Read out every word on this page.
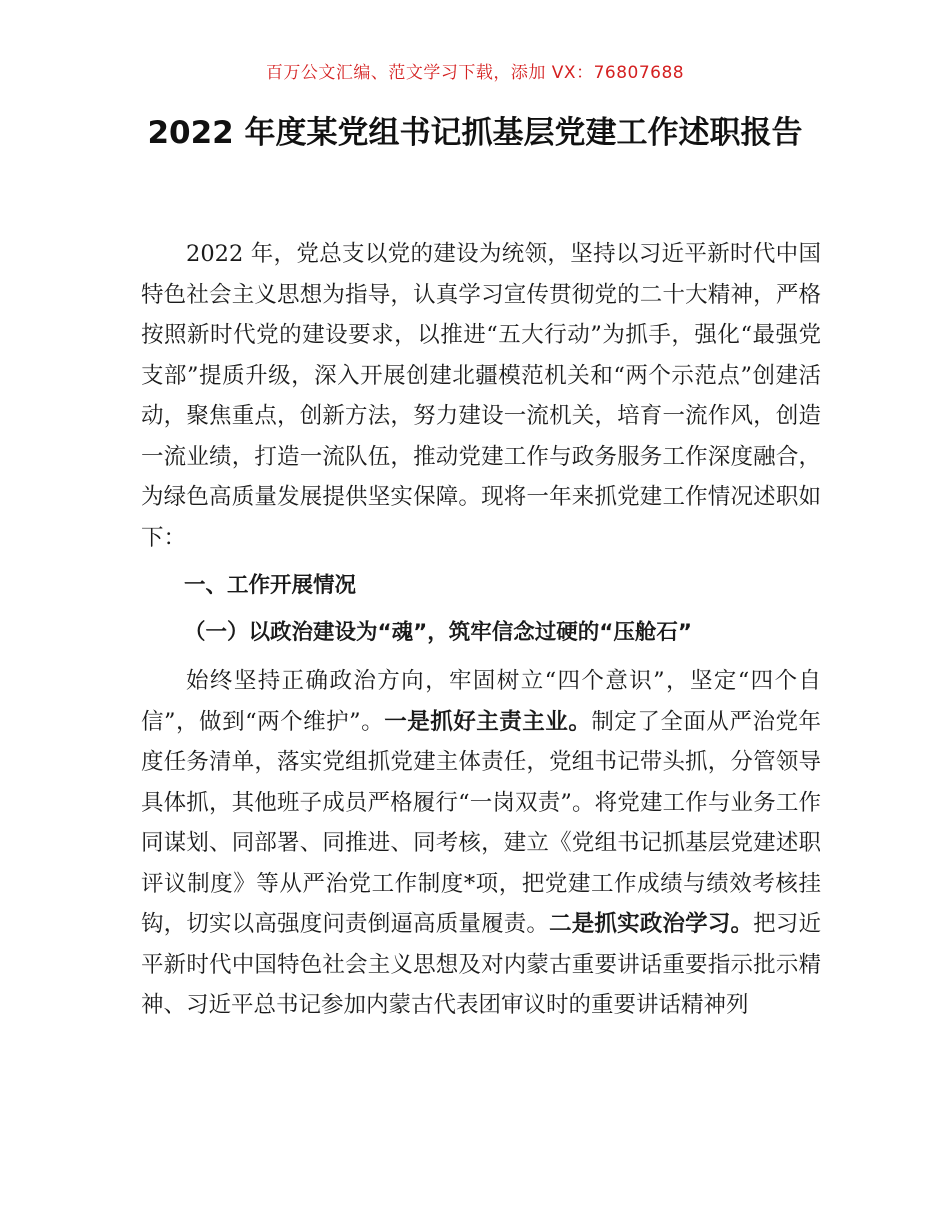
百万公文汇编、范文学习下载，添加 VX：76807688
2022 年度某党组书记抓基层党建工作述职报告

2022 年，党总支以党的建设为统领，坚持以习近平新时代中国特色社会主义思想为指导，认真学习宣传贯彻党的二十大精神，严格按照新时代党的建设要求，以推进“五大行动”为抓手，强化“最强党支部”提质升级，深入开展创建北疆模范机关和“两个示范点”创建活动，聚焦重点，创新方法，努力建设一流机关，培育一流作风，创造一流业绩，打造一流队伍，推动党建工作与政务服务工作深度融合，为绿色高质量发展提供坚实保障。现将一年来抓党建工作情况述职如下：

一、工作开展情况

（一）以政治建设为“魂”，筑牢信念过硬的“压舱石”

始终坚持正确政治方向，牢固树立“四个意识”，坚定“四个自信”，做到“两个维护”。一是抓好主责主业。制定了全面从严治党年度任务清单，落实党组抓党建主体责任，党组书记带头抓，分管领导具体抓，其他班子成员严格履行“一岗双责”。将党建工作与业务工作同谋划、同部署、同推进、同考核，建立《党组书记抓基层党建述职评议制度》等从严治党工作制度*项，把党建工作成绩与绩效考核挂钩，切实以高强度问责倒逼高质量履责。二是抓实政治学习。把习近平新时代中国特色社会主义思想及对内蒙古重要讲话重要指示批示精神、习近平总书记参加内蒙古代表团审议时的重要讲话精神列
